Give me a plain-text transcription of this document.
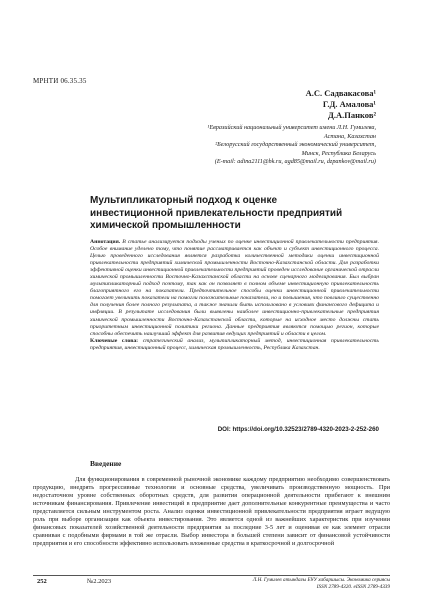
МРНТИ 06.35.35
А.С. Садвакасова¹
Г.Д. Амалова¹
Д.А.Панков²
¹Евразийский национальный университет имени Л.Н. Гумилева,
Астана, Казахстан
²Белорусский государственный экономический университет,
Минск, Республика Беларусь
(E-mail: adina2111@bk.ru, agd85@mail.ru, dzpankov@mail.ru)
Мультипликаторный подход к оценке инвестиционной привлекательности предприятий химической промышленности
Аннотация. В статье анализируется подходы ученых по оценке инвестиционной привлекательности предприятия. Особое внимание уделено тому, что понятие рассматривается как объект и субъект инвестиционного процесса. Целью проведенного исследования является разработка количественной методики оценки инвестиционной привлекательности предприятий химической промышленности Восточно-Казахстанской области. Для разработки эффективной оценки инвестиционной привлекательности предприятий проведен исследование органической отрасли химической промышленности Восточно-Казахстанской области на основе сценарного моделирования. Был выбран мультипликаторный подход поэтому, так как он позволяет в полном объеме инвестиционную привлекательность благоприятного его на показатели. Предпочтительное способы оценки инвестиционной привлекательности помогает увеличить показатели на помогли положительные показатели, но и повышения, что повлияло существенно для получения более полного результата, а также значили быть использовано в условиях финансового дефицита и инфляции. В результате исследования были выявлены наиболее инвестиционно-привлекательные предприятия химической промышленности Восточно-Казахстанской области, которые на исходное место должны стать приоритетным инвестиционной политики региона. Данные предприятия являются помощью регион, которые способны обеспечить наилучший эффект для развития ведущих предприятий и области в целом.
Ключевые слова: стратегический анализ, мультипликаторный метод, инвестиционная привлекательность предприятия, инвестиционный процесс, химическая промышленность, Республика Казахстан.
DOI: https://doi.org/10.32523/2789-4320-2023-2-252-260
Введение
Для функционирования в современной рыночной экономике каждому предприятию необходимо совершенствовать продукцию, внедрять прогрессивные технологии и основные средства, увеличивать производственную мощность. При недостаточном уровне собственных оборотных средств, для развития операционной деятельности прибегают к внешним источникам финансирования. Привлечение инвестиций в предприятие дает дополнительные конкурентные преимущества и часто представляется сильным инструментом роста. Анализ оценки инвестиционной привлекательности предприятия играет ведущую роль при выборе организации как объекта инвестирования. Это является одной из важнейших характеристик при изучении финансовых показателей хозяйственной деятельности предприятия за последние 3-5 лет и оценивая ее как элемент отрасли сравнивая с подобными фирмами в той же отрасли. Выбор инвестора в большей степени зависит от финансовой устойчивости предприятия и его способности эффективно использовать вложенные средства в краткосрочной и долгосрочной
252	№2.2023	Л.Н. Гумилев атындағы ЕҰУ хабаршысы. Экономика сериясы
ISSN 2789-4320. eISSN 2789-4339
